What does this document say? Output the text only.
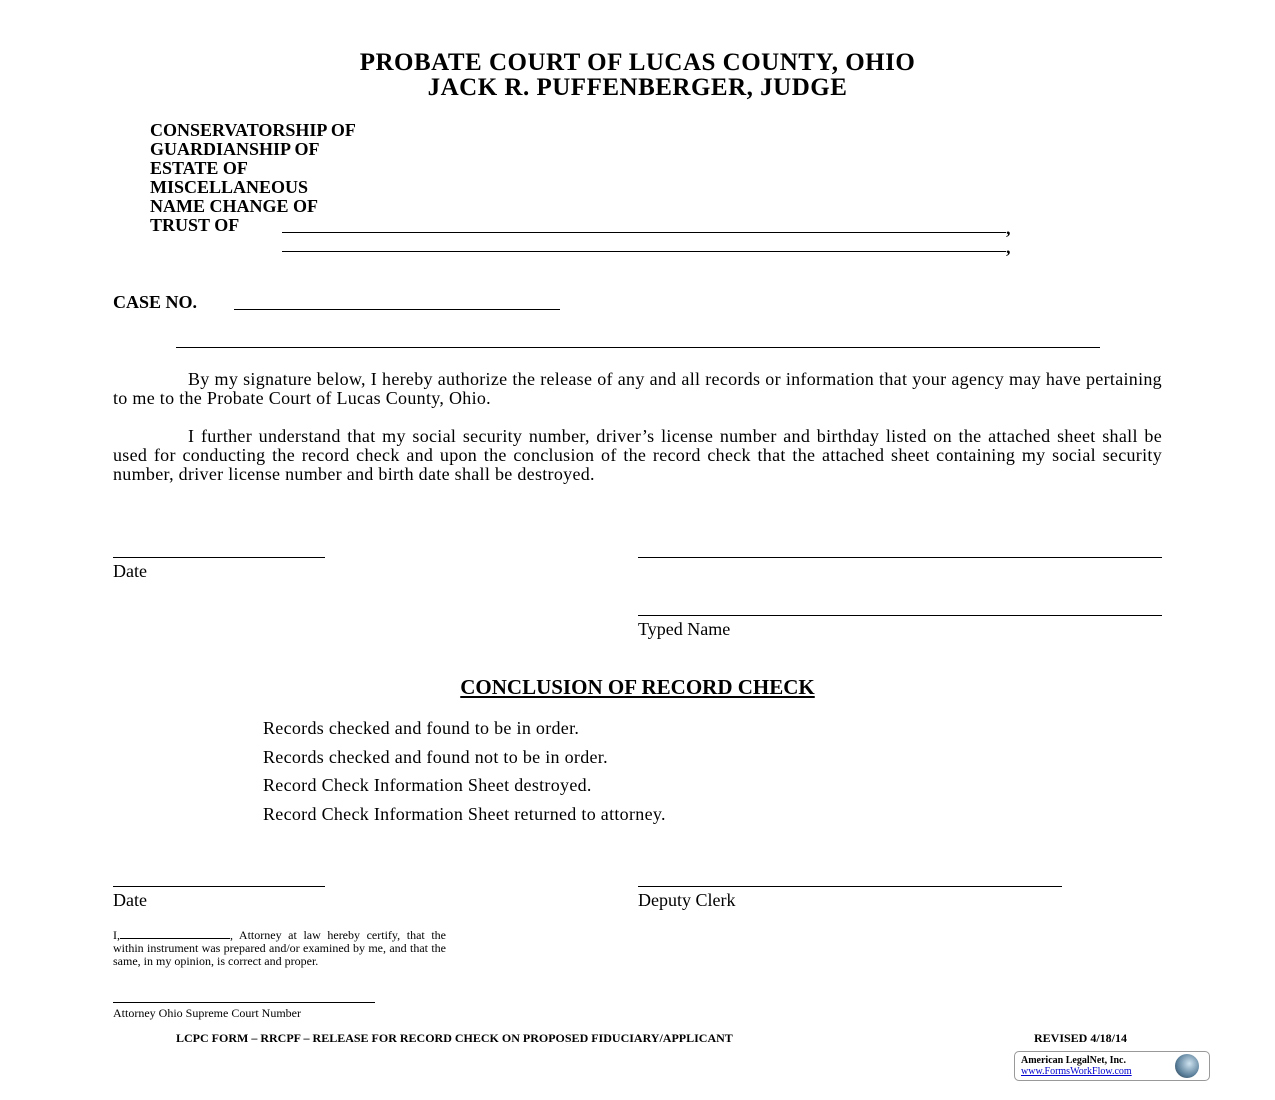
PROBATE COURT OF LUCAS COUNTY, OHIO
JACK R. PUFFENBERGER, JUDGE
CONSERVATORSHIP OF
GUARDIANSHIP OF
ESTATE OF
MISCELLANEOUS
NAME CHANGE OF
TRUST OF	,
,
CASE NO.
By my signature below, I hereby authorize the release of any and all records or information that your agency may have pertaining to me to the Probate Court of Lucas County, Ohio.
I further understand that my social security number, driver’s license number and birthday listed on the attached sheet shall be used for conducting the record check and upon the conclusion of the record check that the attached sheet containing my social security number, driver license number and birth date shall be destroyed.
Date
Typed Name
CONCLUSION OF RECORD CHECK
Records checked and found to be in order.
Records checked and found not to be in order.
Record Check Information Sheet destroyed.
Record Check Information Sheet returned to attorney.
Date	Deputy Clerk
I,	, Attorney at law hereby certify, that the within instrument was prepared and/or examined by me, and that the same, in my opinion, is correct and proper.
Attorney Ohio Supreme Court Number
LCPC FORM – RRCPF – RELEASE FOR RECORD CHECK ON PROPOSED FIDUCIARY/APPLICANT	REVISED 4/18/14
American LegalNet, Inc.
www.FormsWorkFlow.com
